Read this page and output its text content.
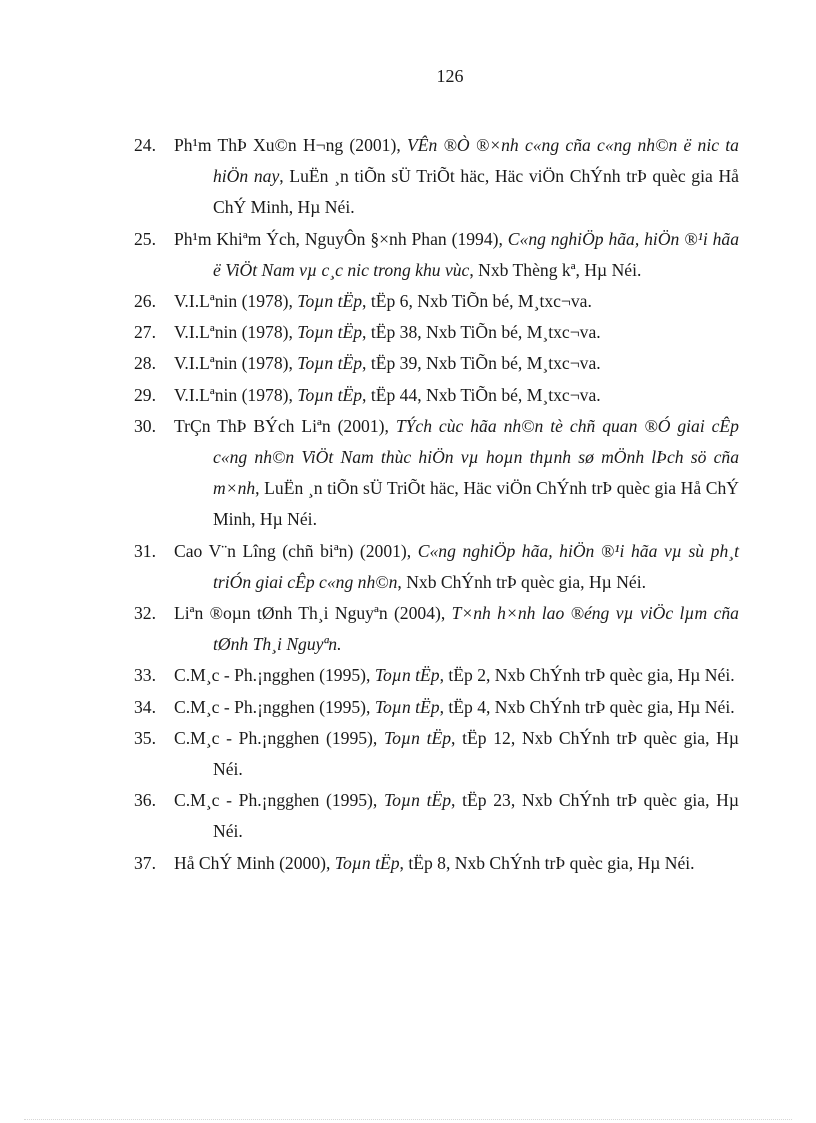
126
24. Ph¹m ThÞ Xu©n H¬ng (2001), VÊn ®Ò ®×nh c«ng cña c«ng nh©n ë nic ta hiÖn nay, LuËn ¸n tiÕn sÜ TriÕt häc, Häc viÖn ChÝnh trÞ quèc gia Hå ChÝ Minh, Hµ Néi.
25. Ph¹m Khiªm Ých, NguyÔn §×nh Phan (1994), C«ng nghiÖp hãa, hiÖn ®¹i hãa ë ViÖt Nam vµ c¸c nic trong khu vùc, Nxb Thèng kª, Hµ Néi.
26. V.I.Lªnin (1978), Toµn tËp, tËp 6, Nxb TiÕn bé, M¸txc¬va.
27. V.I.Lªnin (1978), Toµn tËp, tËp 38, Nxb TiÕn bé, M¸txc¬va.
28. V.I.Lªnin (1978), Toµn tËp, tËp 39, Nxb TiÕn bé, M¸txc¬va.
29. V.I.Lªnin (1978), Toµn tËp, tËp 44, Nxb TiÕn bé, M¸txc¬va.
30. TrÇn ThÞ BÝch Liªn (2001), TÝch cùc hãa nh©n tè chñ quan ®Ó giai cÊp c«ng nh©n ViÖt Nam thùc hiÖn vµ hoµn thµnh sø mÖnh lÞch sö cña m×nh, LuËn ¸n tiÕn sÜ TriÕt häc, Häc viÖn ChÝnh trÞ quèc gia Hå ChÝ Minh, Hµ Néi.
31. Cao V¨n Lîng (chñ biªn) (2001), C«ng nghiÖp hãa, hiÖn ®¹i hãa vµ sù ph¸t triÓn giai cÊp c«ng nh©n, Nxb ChÝnh trÞ quèc gia, Hµ Néi.
32. Liªn ®oµn tØnh Th¸i Nguyªn (2004), T×nh h×nh lao ®éng vµ viÖc lµm cña tØnh Th¸i Nguyªn.
33. C.M¸c - Ph.¡ngghen (1995), Toµn tËp, tËp 2, Nxb ChÝnh trÞ quèc gia, Hµ Néi.
34. C.M¸c - Ph.¡ngghen (1995), Toµn tËp, tËp 4, Nxb ChÝnh trÞ quèc gia, Hµ Néi.
35. C.M¸c - Ph.¡ngghen (1995), Toµn tËp, tËp 12, Nxb ChÝnh trÞ quèc gia, Hµ Néi.
36. C.M¸c - Ph.¡ngghen (1995), Toµn tËp, tËp 23, Nxb ChÝnh trÞ quèc gia, Hµ Néi.
37. Hå ChÝ Minh (2000), Toµn tËp, tËp 8, Nxb ChÝnh trÞ quèc gia, Hµ Néi.
